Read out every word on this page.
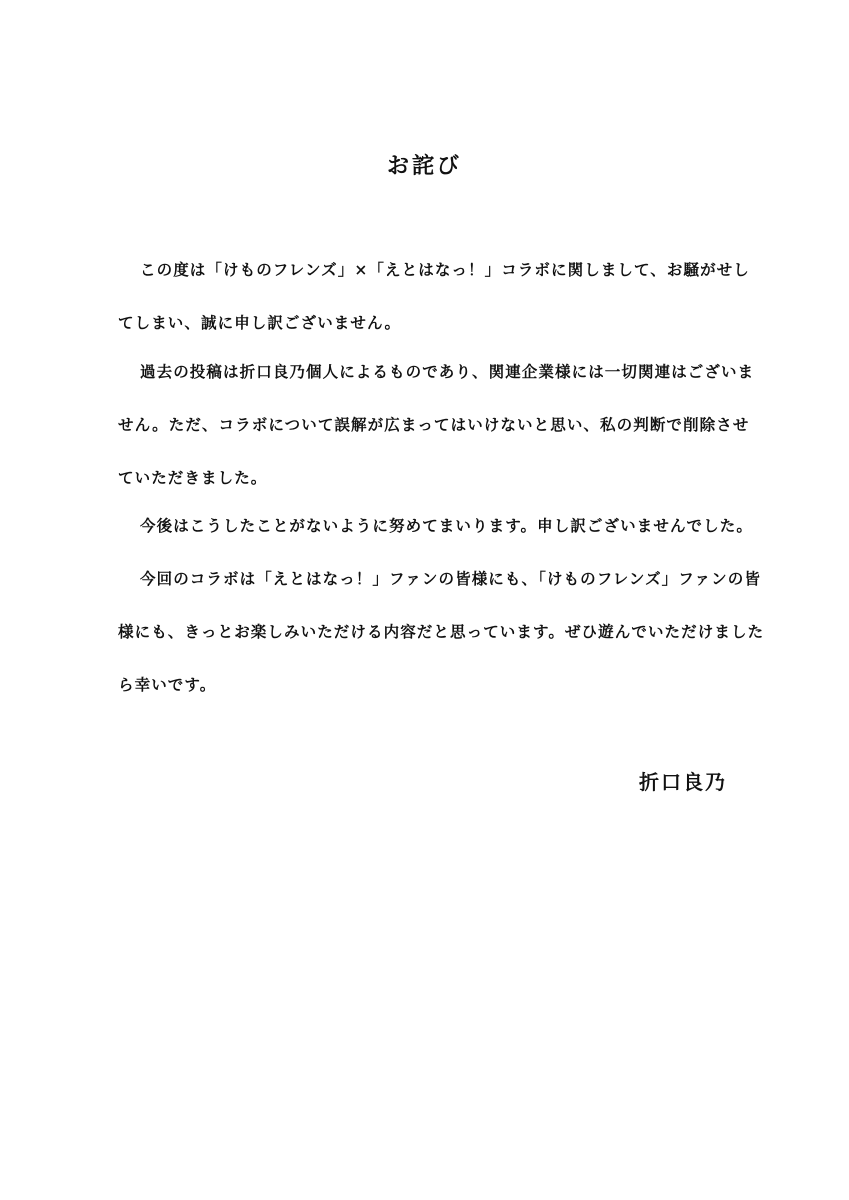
お詫び

この度は「けものフレンズ」×「えとはなっ！」コラボに関しまして、お騒がせし
てしまい、誠に申し訳ございません。

過去の投稿は折口良乃個人によるものであり、関連企業様には一切関連はございま
せん。ただ、コラボについて誤解が広まってはいけないと思い、私の判断で削除させ
ていただきました。

今後はこうしたことがないように努めてまいります。申し訳ございませんでした。

今回のコラボは「えとはなっ！」ファンの皆様にも、「けものフレンズ」ファンの皆
様にも、きっとお楽しみいただける内容だと思っています。ぜひ遊んでいただけました
ら幸いです。

折口良乃
